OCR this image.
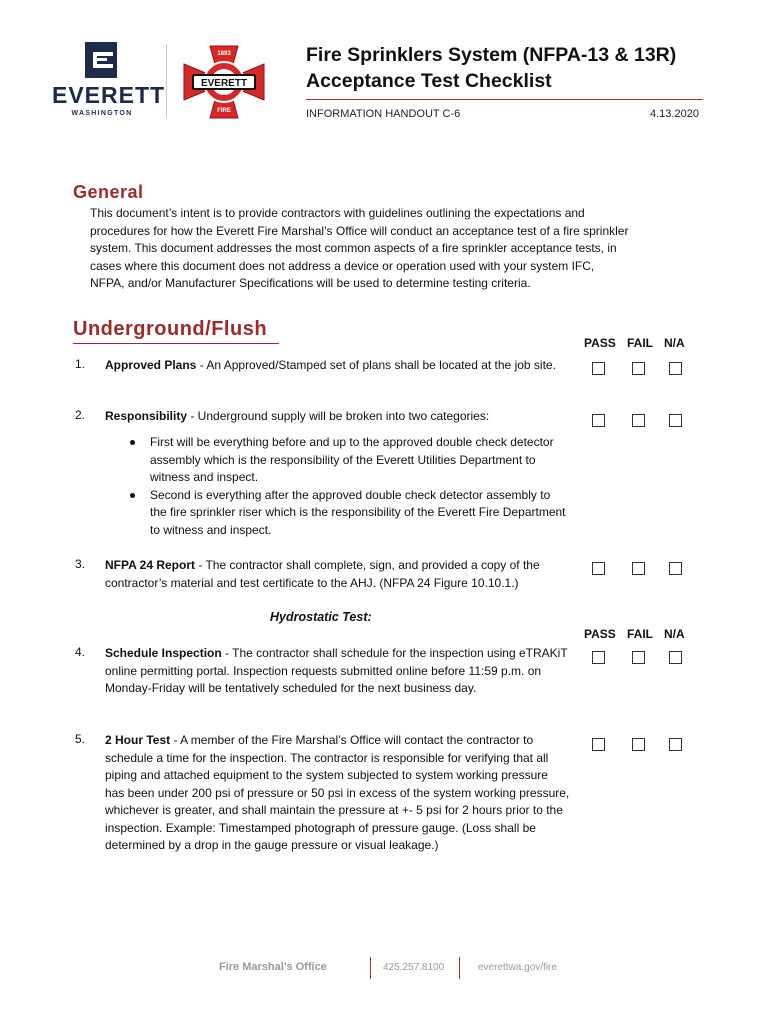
EVERETT
WASHINGTON
EVERETT
1893
FIRE
Fire Sprinklers System (NFPA-13 & 13R)
Acceptance Test Checklist
INFORMATION HANDOUT C-6	4.13.2020
General
This document’s intent is to provide contractors with guidelines outlining the expectations and procedures for how the Everett Fire Marshal’s Office will conduct an acceptance test of a fire sprinkler system. This document addresses the most common aspects of a fire sprinkler acceptance tests, in cases where this document does not address a device or operation used with your system IFC, NFPA, and/or Manufacturer Specifications will be used to determine testing criteria.
Underground/Flush
PASS FAIL N/A
1. Approved Plans - An Approved/Stamped set of plans shall be located at the job site.
2. Responsibility - Underground supply will be broken into two categories:
First will be everything before and up to the approved double check detector assembly which is the responsibility of the Everett Utilities Department to witness and inspect.
Second is everything after the approved double check detector assembly to the fire sprinkler riser which is the responsibility of the Everett Fire Department to witness and inspect.
3. NFPA 24 Report - The contractor shall complete, sign, and provided a copy of the contractor’s material and test certificate to the AHJ. (NFPA 24 Figure 10.10.1.)
Hydrostatic Test:
PASS FAIL N/A
4. Schedule Inspection - The contractor shall schedule for the inspection using eTRAKiT online permitting portal. Inspection requests submitted online before 11:59 p.m. on Monday-Friday will be tentatively scheduled for the next business day.
5. 2 Hour Test - A member of the Fire Marshal’s Office will contact the contractor to schedule a time for the inspection. The contractor is responsible for verifying that all piping and attached equipment to the system subjected to system working pressure has been under 200 psi of pressure or 50 psi in excess of the system working pressure, whichever is greater, and shall maintain the pressure at +- 5 psi for 2 hours prior to the inspection. Example: Timestamped photograph of pressure gauge. (Loss shall be determined by a drop in the gauge pressure or visual leakage.)
Fire Marshal’s Office	425.257.8100	everettwa.gov/fire
